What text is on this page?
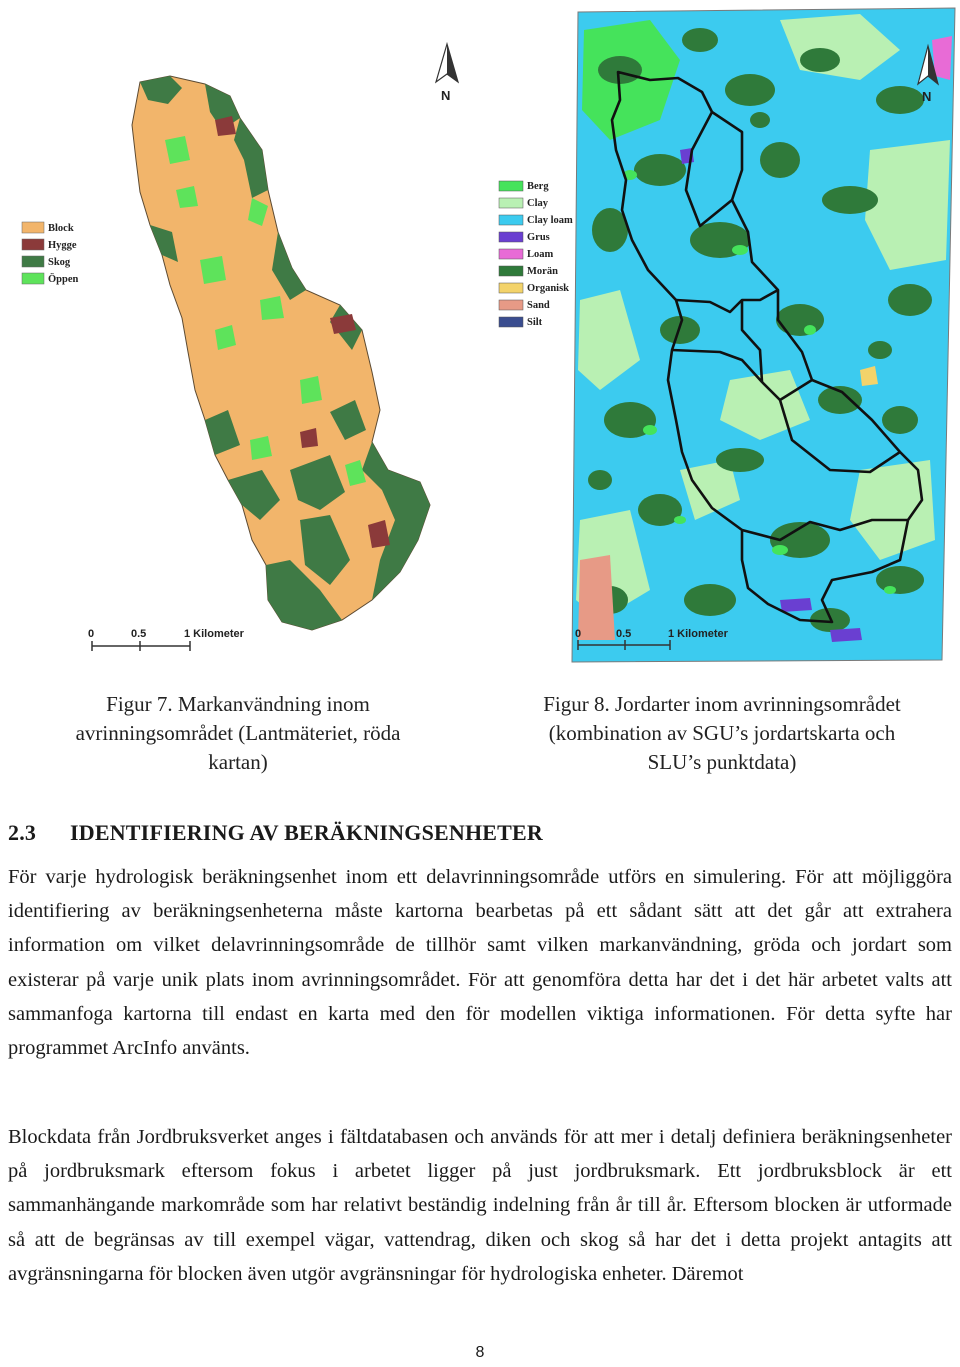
N
Block
Hygge
Skog
Öppen
0	0.5	1 Kilometer
N
Berg
Clay
Clay loam
Grus
Loam
Morän
Organisk
Sand
Silt
0	0.5	1 Kilometer
Figur 7. Markanvändning inom
avrinningsområdet (Lantmäteriet, röda
kartan)
Figur 8. Jordarter inom avrinningsområdet
(kombination av SGU’s jordartskarta och
SLU’s punktdata)
2.3 IDENTIFIERING AV BERÄKNINGSENHETER

För varje hydrologisk beräkningsenhet inom ett delavrinningsområde utförs en simulering. För att möjliggöra identifiering av beräkningsenheterna måste kartorna bearbetas på ett sådant sätt att det går att extrahera information om vilket delavrinningsområde de tillhör samt vilken markanvändning, gröda och jordart som existerar på varje unik plats inom avrinningsområdet. För att genomföra detta har det i det här arbetet valts att sammanfoga kartorna till endast en karta med den för modellen viktiga informationen. För detta syfte har programmet ArcInfo använts.

Blockdata från Jordbruksverket anges i fältdatabasen och används för att mer i detalj definiera beräkningsenheter på jordbruksmark eftersom fokus i arbetet ligger på just jordbruksmark. Ett jordbruksblock är ett sammanhängande markområde som har relativt beständig indelning från år till år. Eftersom blocken är utformade så att de begränsas av till exempel vägar, vattendrag, diken och skog så har det i detta projekt antagits att avgränsningarna för blocken även utgör avgränsningar för hydrologiska enheter. Däremot

8
